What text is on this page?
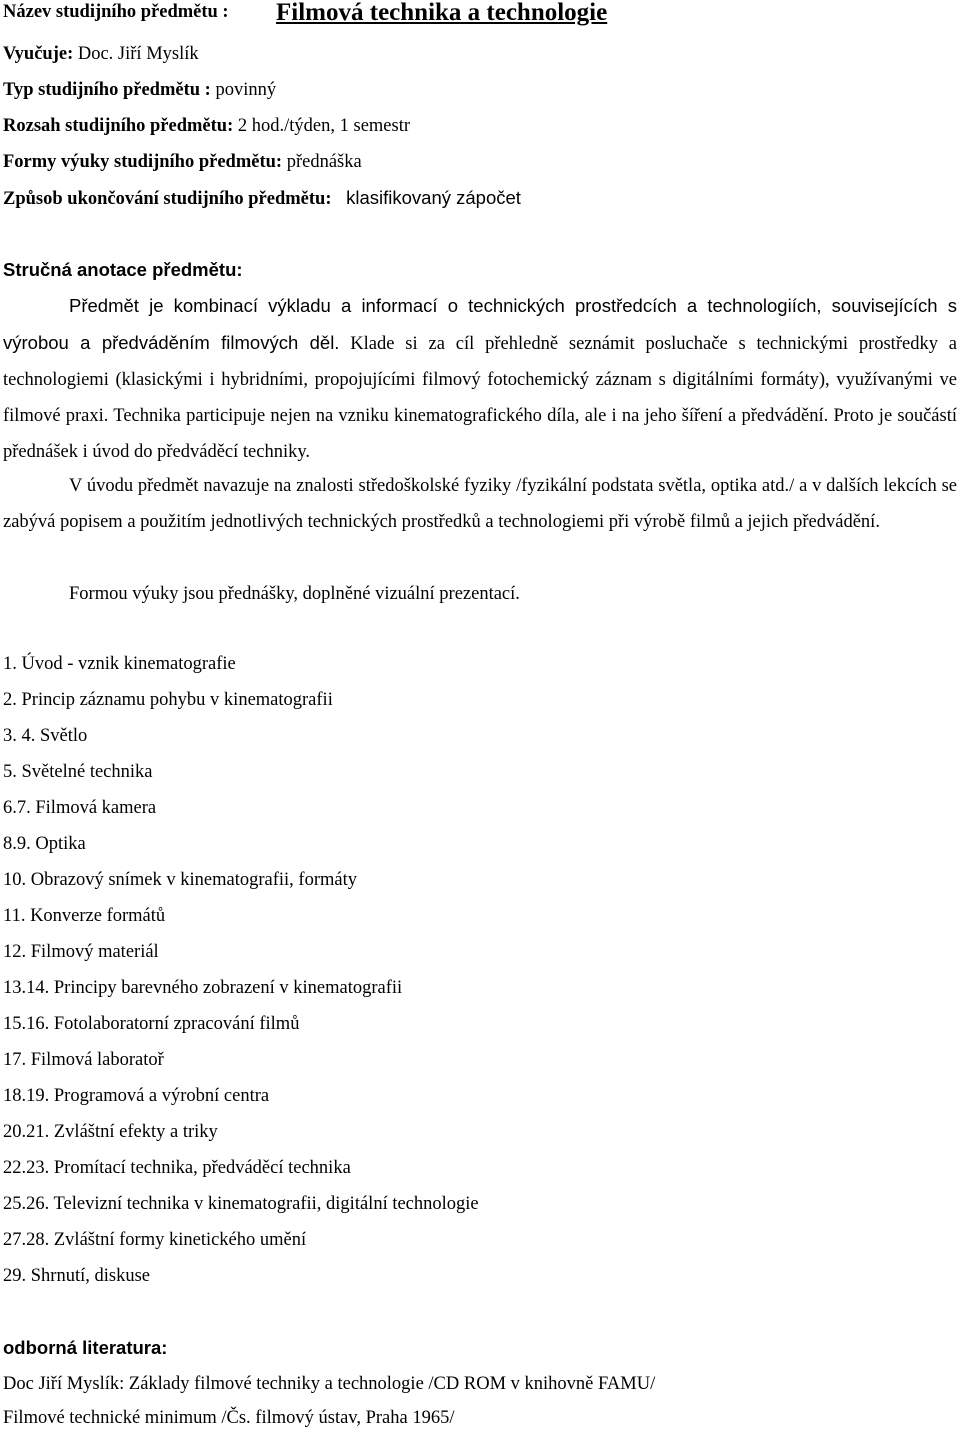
Název studijního předmětu : Filmová technika a technologie
Vyučuje: Doc. Jiří Myslík
Typ studijního předmětu : povinný
Rozsah studijního předmětu: 2 hod./týden, 1 semestr
Formy výuky studijního předmětu: přednáška
Způsob ukončování studijního předmětu: klasifikovaný zápočet
Stručná anotace předmětu:
Předmět je kombinací výkladu a informací o technických prostředcích a technologiích, souvisejících s výrobou a předváděním filmových děl. Klade si za cíl přehledně seznámit posluchače s technickými prostředky a technologiemi (klasickými i hybridními, propojujícími filmový fotochemický záznam s digitálními formáty), využívanými ve filmové praxi. Technika participuje nejen na vzniku kinematografického díla, ale i na jeho šíření a předvádění. Proto je součástí přednášek i úvod do předváděcí techniky.
V úvodu předmět navazuje na znalosti středoškolské fyziky /fyzikální podstata světla, optika atd./ a v dalších lekcích se zabývá popisem a použitím jednotlivých technických prostředků a technologiemi při výrobě filmů a jejich předvádění.
Formou výuky jsou přednášky, doplněné vizuální prezentací.
1. Úvod - vznik kinematografie
2. Princip záznamu pohybu v kinematografii
3. 4. Světlo
5. Světelné technika
6.7. Filmová kamera
8.9. Optika
10. Obrazový snímek v kinematografii, formáty
11. Konverze formátů
12. Filmový materiál
13.14. Principy barevného zobrazení v kinematografii
15.16. Fotolaboratorní zpracování filmů
17. Filmová laboratoř
18.19. Programová a výrobní centra
20.21. Zvláštní efekty a triky
22.23. Promítací technika, předváděcí technika
25.26. Televizní technika v kinematografii, digitální technologie
27.28. Zvláštní formy kinetického umění
29. Shrnutí, diskuse
odborná literatura:
Doc Jiří Myslík: Základy filmové techniky a technologie /CD ROM v knihovně FAMU/
Filmové technické minimum /Čs. filmový ústav, Praha 1965/
